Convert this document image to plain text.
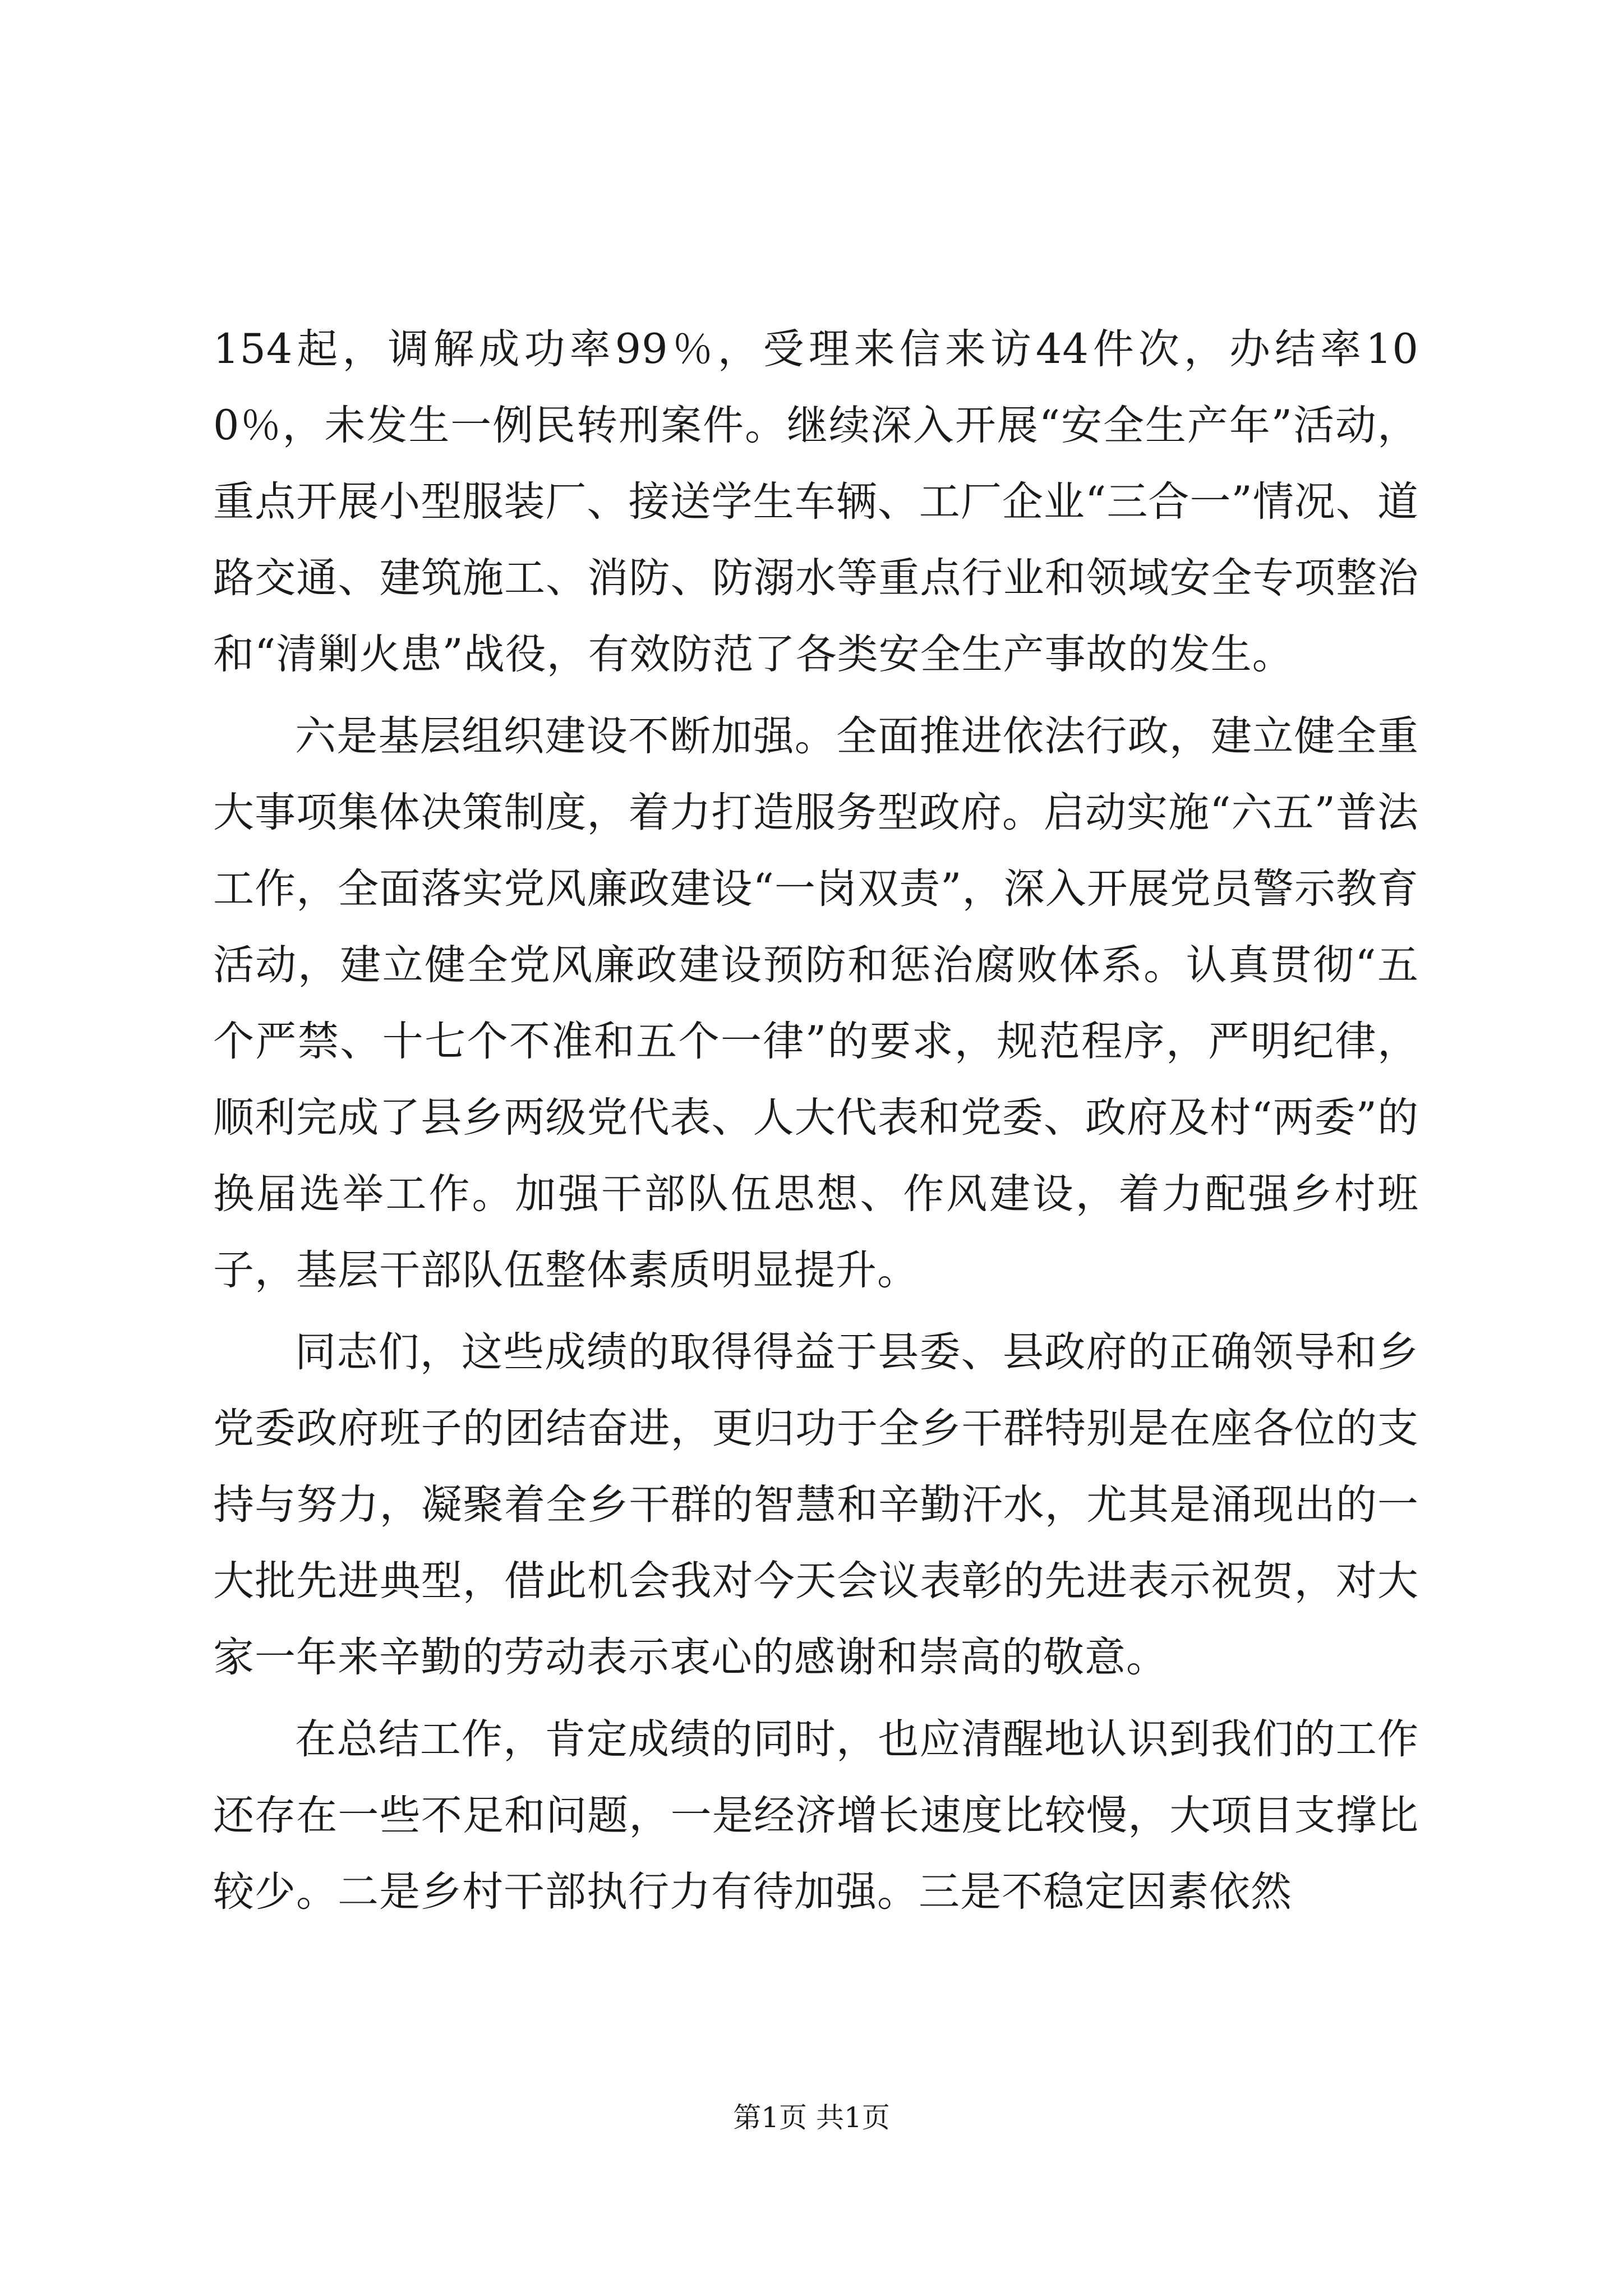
154起，调解成功率99％，受理来信来访44件次，办结率100％，未发生一例民转刑案件。继续深入开展“安全生产年”活动，重点开展小型服装厂、接送学生车辆、工厂企业“三合一”情况、道路交通、建筑施工、消防、防溺水等重点行业和领域安全专项整治和“清剿火患”战役，有效防范了各类安全生产事故的发生。

六是基层组织建设不断加强。全面推进依法行政，建立健全重大事项集体决策制度，着力打造服务型政府。启动实施“六五”普法工作，全面落实党风廉政建设“一岗双责”，深入开展党员警示教育活动，建立健全党风廉政建设预防和惩治腐败体系。认真贯彻“五个严禁、十七个不准和五个一律”的要求，规范程序，严明纪律，顺利完成了县乡两级党代表、人大代表和党委、政府及村“两委”的换届选举工作。加强干部队伍思想、作风建设，着力配强乡村班子，基层干部队伍整体素质明显提升。

同志们，这些成绩的取得得益于县委、县政府的正确领导和乡党委政府班子的团结奋进，更归功于全乡干群特别是在座各位的支持与努力，凝聚着全乡干群的智慧和辛勤汗水，尤其是涌现出的一大批先进典型，借此机会我对今天会议表彰的先进表示祝贺，对大家一年来辛勤的劳动表示衷心的感谢和崇高的敬意。

在总结工作，肯定成绩的同时，也应清醒地认识到我们的工作还存在一些不足和问题，一是经济增长速度比较慢，大项目支撑比较少。二是乡村干部执行力有待加强。三是不稳定因素依然

第1页 共1页
